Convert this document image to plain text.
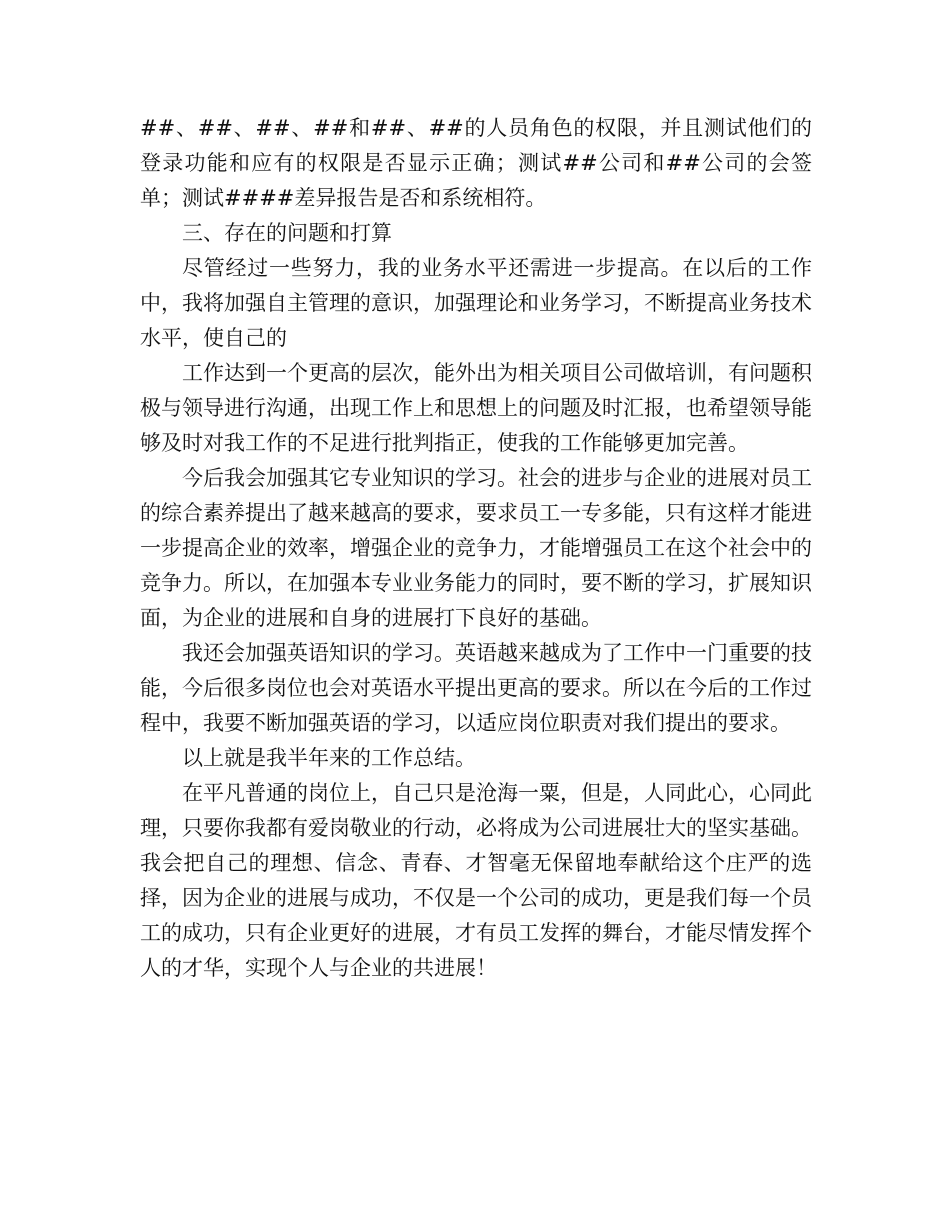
##、##、##、##和##、##的人员角色的权限，并且测试他们的登录功能和应有的权限是否显示正确；测试##公司和##公司的会签单；测试####差异报告是否和系统相符。

三、存在的问题和打算

尽管经过一些努力，我的业务水平还需进一步提高。在以后的工作中，我将加强自主管理的意识，加强理论和业务学习，不断提高业务技术水平，使自己的

工作达到一个更高的层次，能外出为相关项目公司做培训，有问题积极与领导进行沟通，出现工作上和思想上的问题及时汇报，也希望领导能够及时对我工作的不足进行批判指正，使我的工作能够更加完善。

今后我会加强其它专业知识的学习。社会的进步与企业的进展对员工的综合素养提出了越来越高的要求，要求员工一专多能，只有这样才能进一步提高企业的效率，增强企业的竞争力，才能增强员工在这个社会中的竞争力。所以，在加强本专业业务能力的同时，要不断的学习，扩展知识面，为企业的进展和自身的进展打下良好的基础。

我还会加强英语知识的学习。英语越来越成为了工作中一门重要的技能，今后很多岗位也会对英语水平提出更高的要求。所以在今后的工作过程中，我要不断加强英语的学习，以适应岗位职责对我们提出的要求。

以上就是我半年来的工作总结。

在平凡普通的岗位上，自己只是沧海一粟，但是，人同此心，心同此理，只要你我都有爱岗敬业的行动，必将成为公司进展壮大的坚实基础。我会把自己的理想、信念、青春、才智毫无保留地奉献给这个庄严的选择，因为企业的进展与成功，不仅是一个公司的成功，更是我们每一个员工的成功，只有企业更好的进展，才有员工发挥的舞台，才能尽情发挥个人的才华，实现个人与企业的共进展！
